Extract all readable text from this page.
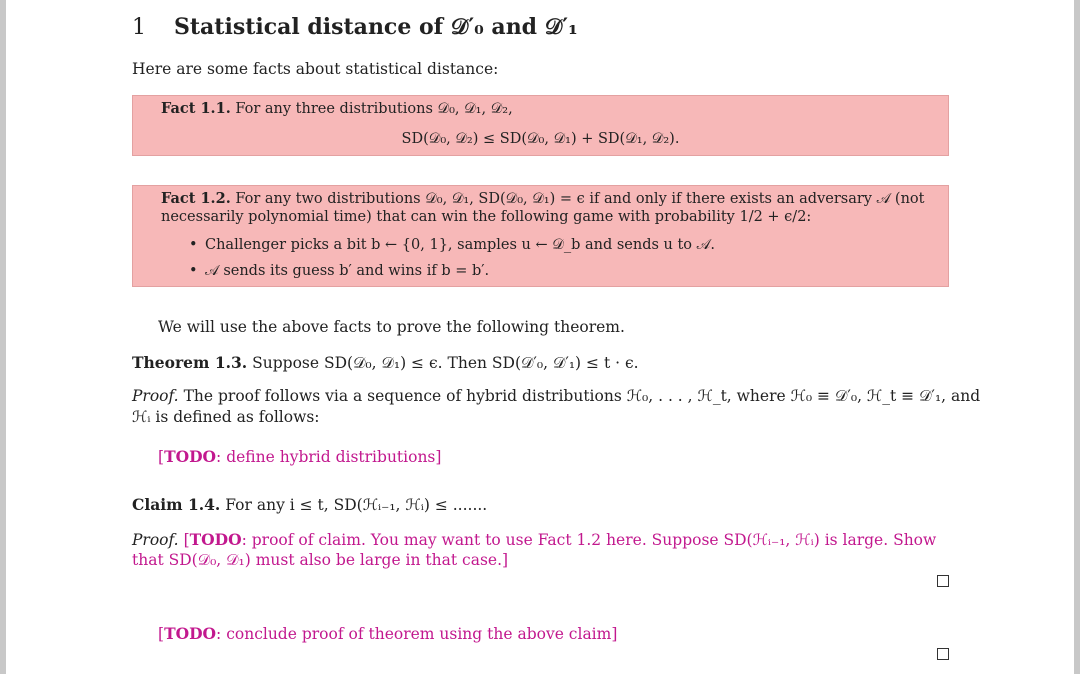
1 Statistical distance of 𝒟′₀ and 𝒟′₁
Here are some facts about statistical distance:
Fact 1.1. For any three distributions 𝒟₀, 𝒟₁, 𝒟₂,
SD(𝒟₀, 𝒟₂) ≤ SD(𝒟₀, 𝒟₁) + SD(𝒟₁, 𝒟₂).
Fact 1.2. For any two distributions 𝒟₀, 𝒟₁, SD(𝒟₀, 𝒟₁) = ϵ if and only if there exists an adversary 𝒜 (not
necessarily polynomial time) that can win the following game with probability 1/2 + ϵ/2:
• Challenger picks a bit b ← {0, 1}, samples u ← 𝒟_b and sends u to 𝒜.
• 𝒜 sends its guess b′ and wins if b = b′.
We will use the above facts to prove the following theorem.
Theorem 1.3. Suppose SD(𝒟₀, 𝒟₁) ≤ ϵ. Then SD(𝒟′₀, 𝒟′₁) ≤ t · ϵ.
Proof. The proof follows via a sequence of hybrid distributions ℋ₀, . . . , ℋ_t, where ℋ₀ ≡ 𝒟′₀, ℋ_t ≡ 𝒟′₁, and
ℋᵢ is defined as follows:
[TODO: define hybrid distributions]
Claim 1.4. For any i ≤ t, SD(ℋᵢ₋₁, ℋᵢ) ≤ .......
Proof. [TODO: proof of claim. You may want to use Fact 1.2 here. Suppose SD(ℋᵢ₋₁, ℋᵢ) is large. Show
that SD(𝒟₀, 𝒟₁) must also be large in that case.]
[TODO: conclude proof of theorem using the above claim]
